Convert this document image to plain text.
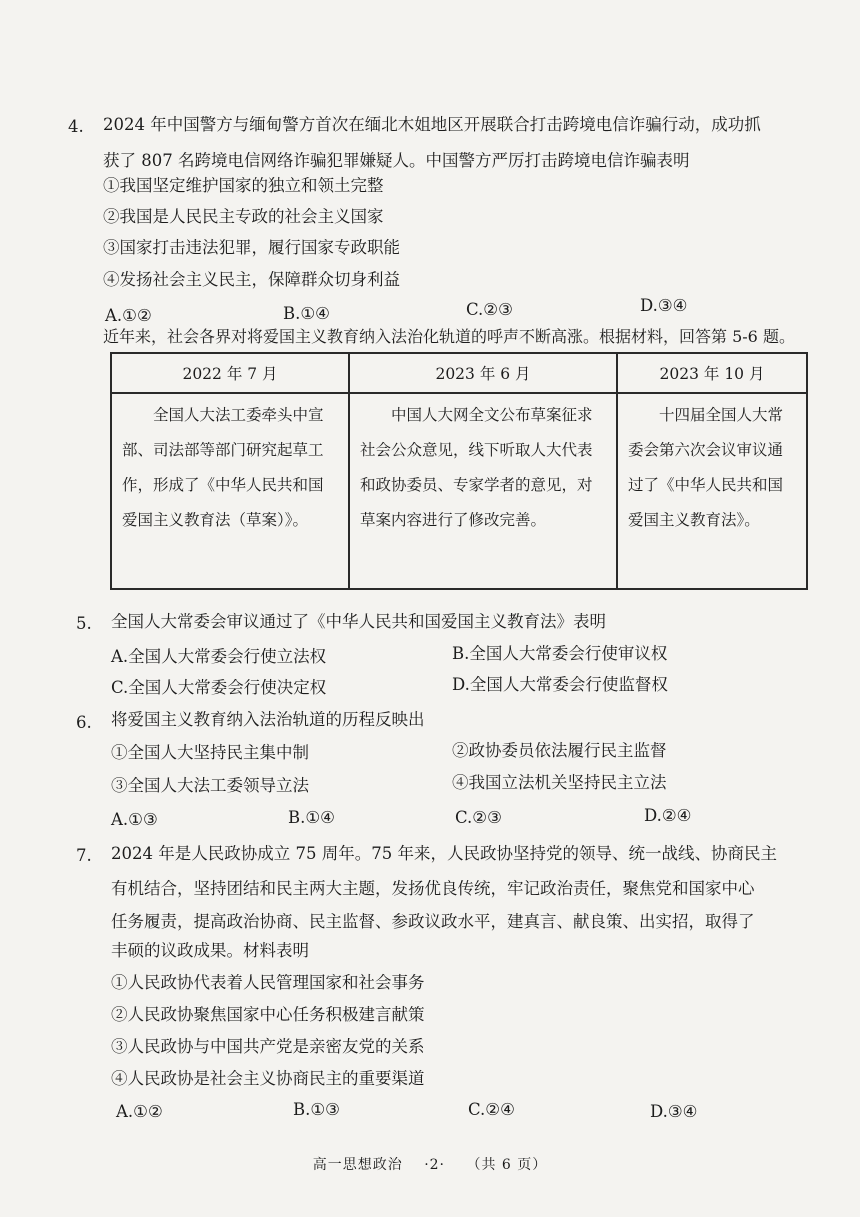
4. 2024 年中国警方与缅甸警方首次在缅北木姐地区开展联合打击跨境电信诈骗行动，成功抓
获了 807 名跨境电信网络诈骗犯罪嫌疑人。中国警方严厉打击跨境电信诈骗表明
①我国坚定维护国家的独立和领土完整
②我国是人民民主专政的社会主义国家
③国家打击违法犯罪，履行国家专政职能
④发扬社会主义民主，保障群众切身利益
A.①②	B.①④	C.②③	D.③④
近年来，社会各界对将爱国主义教育纳入法治化轨道的呼声不断高涨。根据材料，回答第 5-6 题。
2022 年 7 月	2023 年 6 月	2023 年 10 月

全国人大法工委牵头中宣部、司法部等部门研究起草工作，形成了《中华人民共和国爱国主义教育法（草案）》。	中国人大网全文公布草案征求社会公众意见，线下听取人大代表和政协委员、专家学者的意见，对草案内容进行了修改完善。	十四届全国人大常委会第六次会议审议通过了《中华人民共和国爱国主义教育法》。
5. 全国人大常委会审议通过了《中华人民共和国爱国主义教育法》表明
A.全国人大常委会行使立法权	B.全国人大常委会行使审议权
C.全国人大常委会行使决定权	D.全国人大常委会行使监督权
6. 将爱国主义教育纳入法治轨道的历程反映出
①全国人大坚持民主集中制	②政协委员依法履行民主监督
③全国人大法工委领导立法	④我国立法机关坚持民主立法
A.①③	B.①④	C.②③	D.②④
7. 2024 年是人民政协成立 75 周年。75 年来，人民政协坚持党的领导、统一战线、协商民主
有机结合，坚持团结和民主两大主题，发扬优良传统，牢记政治责任，聚焦党和国家中心
任务履责，提高政治协商、民主监督、参政议政水平，建真言、献良策、出实招，取得了
丰硕的议政成果。材料表明
①人民政协代表着人民管理国家和社会事务
②人民政协聚焦国家中心任务积极建言献策
③人民政协与中国共产党是亲密友党的关系
④人民政协是社会主义协商民主的重要渠道
A.①②	B.①③	C.②④	D.③④
高一思想政治 ·2· （共 6 页）
